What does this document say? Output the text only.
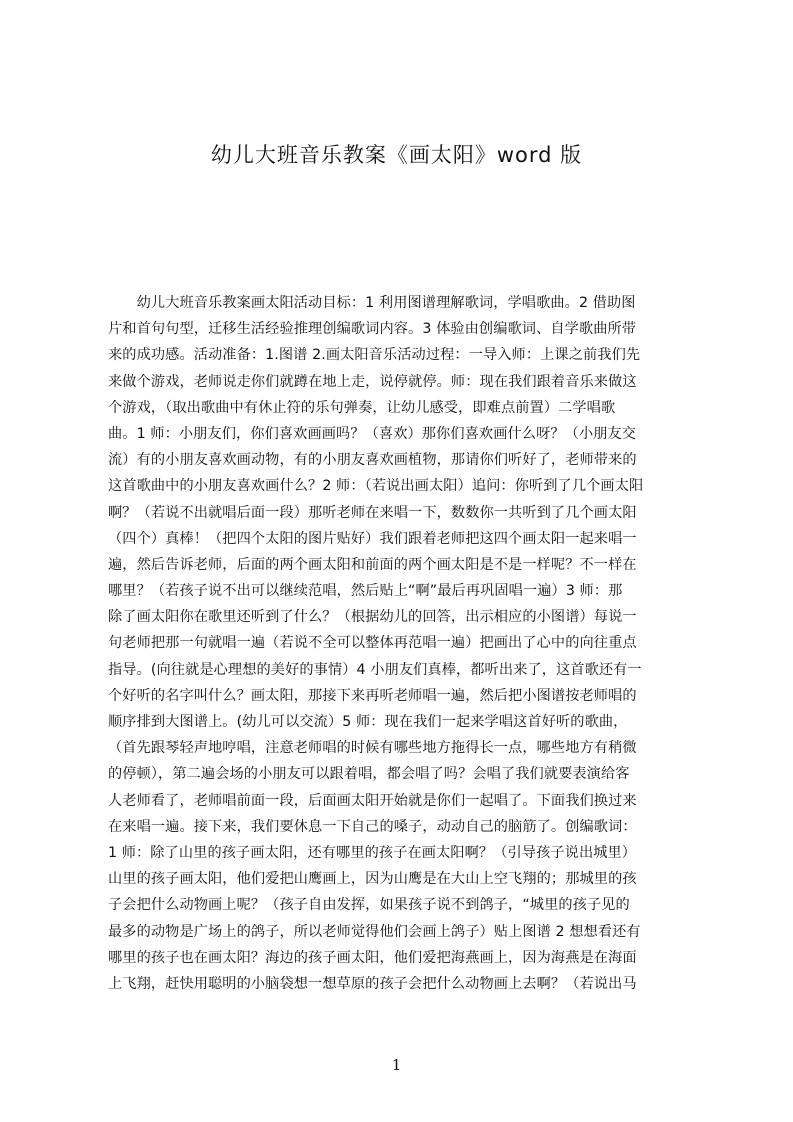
幼儿大班音乐教案《画太阳》word 版
　　幼儿大班音乐教案画太阳活动目标：1 利用图谱理解歌词，学唱歌曲。2 借助图
片和首句句型，迁移生活经验推理创编歌词内容。3 体验由创编歌词、自学歌曲所带
来的成功感。活动准备：1.图谱 2.画太阳音乐活动过程：一导入师：上课之前我们先
来做个游戏，老师说走你们就蹲在地上走，说停就停。师：现在我们跟着音乐来做这
个游戏，（取出歌曲中有休止符的乐句弹奏，让幼儿感受，即难点前置）二学唱歌
曲。1 师：小朋友们，你们喜欢画画吗？（喜欢）那你们喜欢画什么呀？（小朋友交
流）有的小朋友喜欢画动物，有的小朋友喜欢画植物，那请你们听好了，老师带来的
这首歌曲中的小朋友喜欢画什么？2 师：（若说出画太阳）追问：你听到了几个画太阳
啊？（若说不出就唱后面一段）那听老师在来唱一下，数数你一共听到了几个画太阳
（四个）真棒！（把四个太阳的图片贴好）我们跟着老师把这四个画太阳一起来唱一
遍，然后告诉老师，后面的两个画太阳和前面的两个画太阳是不是一样呢？不一样在
哪里？（若孩子说不出可以继续范唱，然后贴上“啊”最后再巩固唱一遍）3 师：那
除了画太阳你在歌里还听到了什么？（根据幼儿的回答，出示相应的小图谱）每说一
句老师把那一句就唱一遍（若说不全可以整体再范唱一遍）把画出了心中的向往重点
指导。(向往就是心理想的美好的事情）4 小朋友们真棒，都听出来了，这首歌还有一
个好听的名字叫什么？画太阳，那接下来再听老师唱一遍，然后把小图谱按老师唱的
顺序排到大图谱上。(幼儿可以交流）5 师：现在我们一起来学唱这首好听的歌曲，
（首先跟琴轻声地哼唱，注意老师唱的时候有哪些地方拖得长一点，哪些地方有稍微
的停顿），第二遍会场的小朋友可以跟着唱，都会唱了吗？会唱了我们就要表演给客
人老师看了，老师唱前面一段，后面画太阳开始就是你们一起唱了。下面我们换过来
在来唱一遍。接下来，我们要休息一下自己的嗓子，动动自己的脑筋了。创编歌词：
1 师：除了山里的孩子画太阳，还有哪里的孩子在画太阳啊？（引导孩子说出城里）
山里的孩子画太阳，他们爱把山鹰画上，因为山鹰是在大山上空飞翔的；那城里的孩
子会把什么动物画上呢？（孩子自由发挥，如果孩子说不到鸽子，“城里的孩子见的
最多的动物是广场上的鸽子，所以老师觉得他们会画上鸽子）贴上图谱 2 想想看还有
哪里的孩子也在画太阳？海边的孩子画太阳，他们爱把海燕画上，因为海燕是在海面
上飞翔，赶快用聪明的小脑袋想一想草原的孩子会把什么动物画上去啊？（若说出马
1
